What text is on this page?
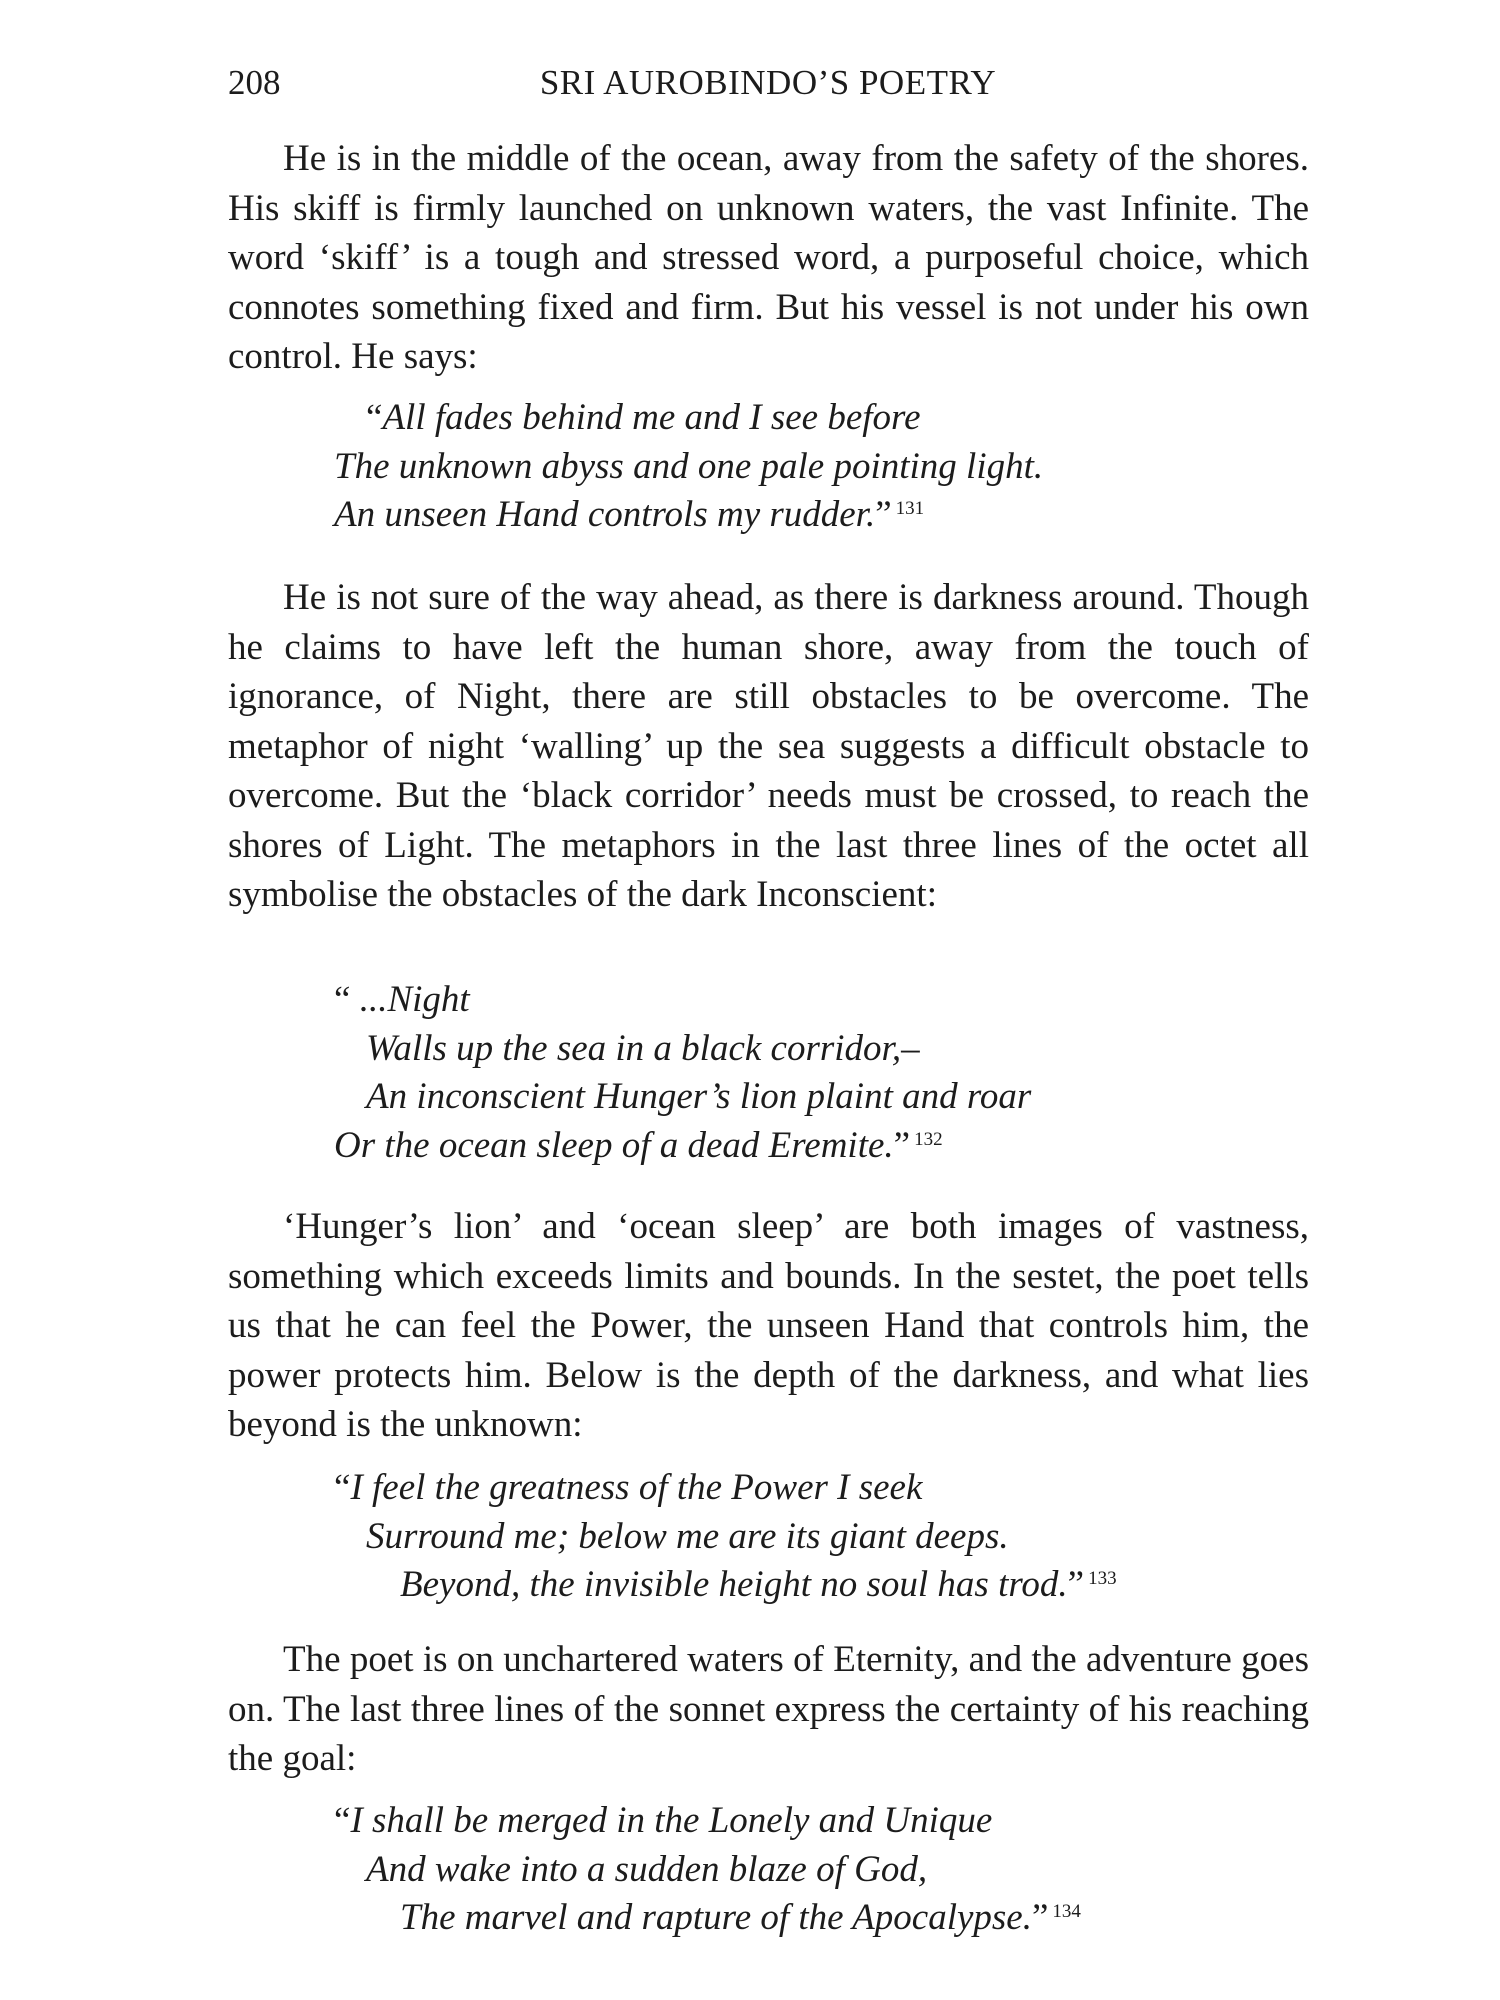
208	SRI AUROBINDO’S POETRY

He is in the middle of the ocean, away from the safety of the shores. His skiff is firmly launched on unknown waters, the vast Infinite. The word ‘skiff’ is a tough and stressed word, a purposeful choice, which connotes something fixed and firm. But his vessel is not under his own control. He says:

“All fades behind me and I see before
The unknown abyss and one pale pointing light.
An unseen Hand controls my rudder.” $^{131}$

He is not sure of the way ahead, as there is darkness around. Though he claims to have left the human shore, away from the touch of ignorance, of Night, there are still obstacles to be overcome. The metaphor of night ‘walling’ up the sea suggests a difficult obstacle to overcome. But the ‘black corridor’ needs must be crossed, to reach the shores of Light. The metaphors in the last three lines of the octet all symbolise the obstacles of the dark Inconscient:

“ ...Night
Walls up the sea in a black corridor,–
An inconscient Hunger’s lion plaint and roar
Or the ocean sleep of a dead Eremite.” $^{132}$

‘Hunger’s lion’ and ‘ocean sleep’ are both images of vastness, something which exceeds limits and bounds. In the sestet, the poet tells us that he can feel the Power, the unseen Hand that controls him, the power protects him. Below is the depth of the darkness, and what lies beyond is the unknown:

“I feel the greatness of the Power I seek
Surround me; below me are its giant deeps.
Beyond, the invisible height no soul has trod.” $^{133}$

The poet is on unchartered waters of Eternity, and the adventure goes on. The last three lines of the sonnet express the certainty of his reaching the goal:

“I shall be merged in the Lonely and Unique
And wake into a sudden blaze of God,
The marvel and rapture of the Apocalypse.” $^{134}$
